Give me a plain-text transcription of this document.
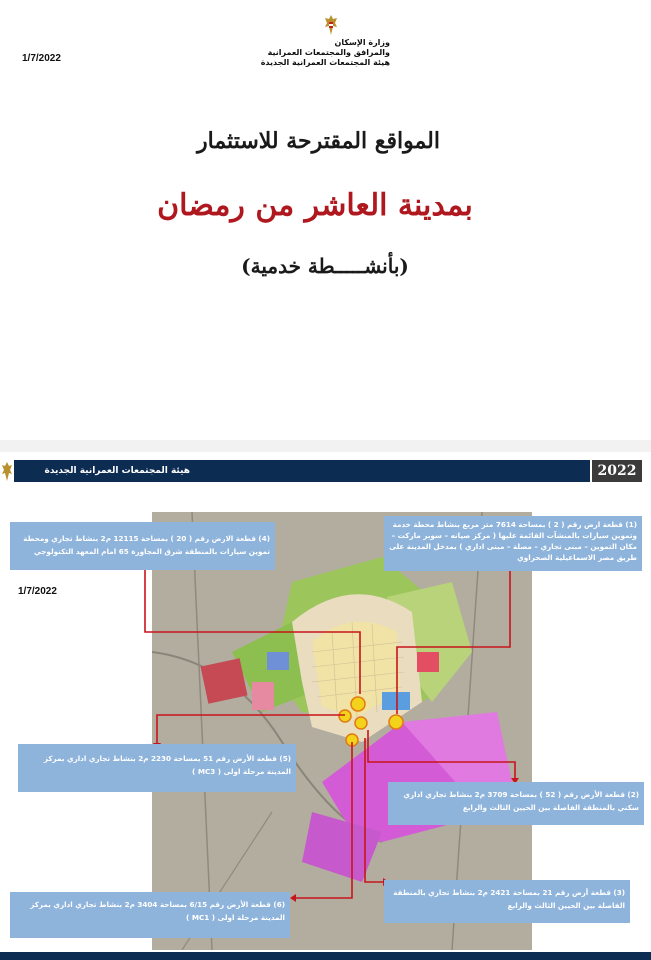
1/7/2022
وزارة الإسكان
والمرافق والمجتمعات العمرانية
هيئة المجتمعات العمرانية الجديدة
المواقع المقترحة للاستثمار
بمدينة العاشر من رمضان
(بأنشـــــطة خدمية)
هيئة المجتمعات العمرانية الجديدة	2022
1/7/2022
(4) قطعة الارض رقم ( 20 ) بمساحة 12115 م2 بنشاط تجاري ومحطة تموين سيارات بالمنطقة شرق المجاورة 65 امام المعهد التكنولوجي
(1) قطعة ارض رقم ( 2 ) بمساحة 7614 متر مربع بنشاط محطة خدمة وتموين سيارات بالمنشآت القائمة عليها ( مركز صيانه – سوبر ماركت – مكان التموين – مبنى تجاري – مصلة – مبنى اداري ) بمدخل المدينة على طريق مصر الاسماعيلية الصحراوي
(5) قطعة الأرض رقم 51 بمساحة 2230 م2 بنشاط تجاري اداري بمركز المدينة مرحلة اولى ( MC3 )
(2) قطعة الأرض رقم ( 52 ) بمساحة 3709 م2 بنشاط تجاري اداري سكني بالمنطقة الفاصلة بين الحيين الثالث والرابع
(3) قطعة أرض رقم 21 بمساحة 2421 م2 بنشاط تجاري بالمنطقة الفاصلة بين الحيين الثالث والرابع
(6) قطعة الأرض رقم 6/15 بمساحة 3404 م2 بنشاط تجاري اداري بمركز المدينة مرحلة اولى ( MC1 )
